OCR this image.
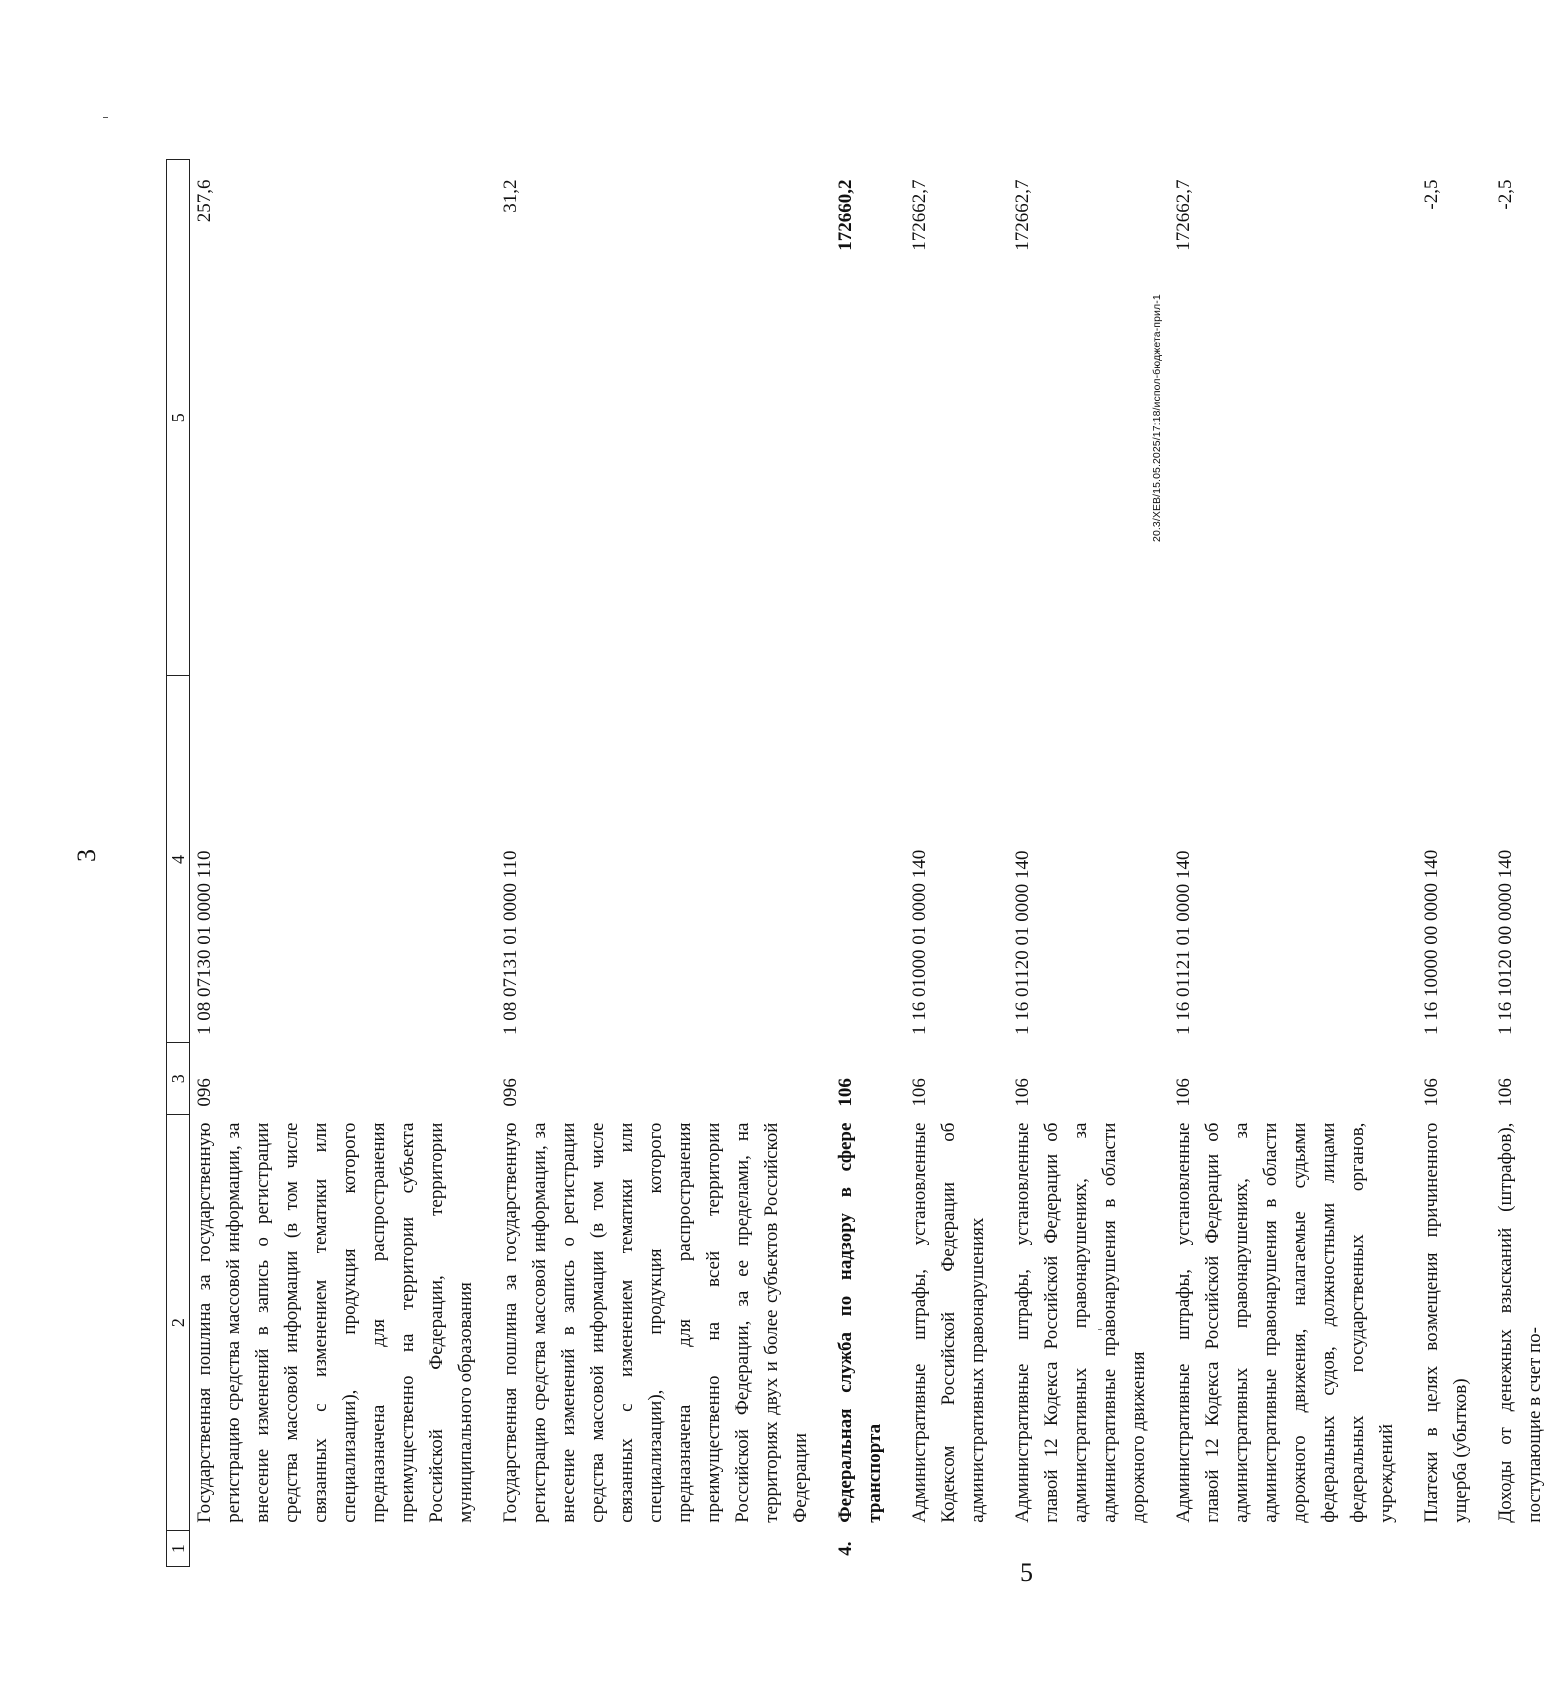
3
1	2	3	4	5
	Государственная пошлина за государственную регистрацию средства массовой информации, за внесение изменений в запись о регистрации средства массовой информации (в том числе связанных с изменением тематики или специализации), продукция которого предназначена для распространения преимущественно на территории субъекта Российской Федерации, территории муниципального образования	096	1 08 07130 01 0000 110	257,6
	Государственная пошлина за государственную регистрацию средства массовой информации, за внесение изменений в запись о регистрации средства массовой информации (в том числе связанных с изменением тематики или специализации), продукция которого предназначена для распространения преимущественно на всей территории Российской Федерации, за ее пределами, на территориях двух и более субъектов Российской Федерации	096	1 08 07131 01 0000 110	31,2
4.	Федеральная служба по надзору в сфере транспорта	106		172660,2
	Административные штрафы, установленные Кодексом Российской Федерации об административных правонарушениях	106	1 16 01000 01 0000 140	172662,7
	Административные штрафы, установленные главой 12 Кодекса Российской Федерации об административных правонарушениях, за административные правонарушения в области дорожного движения	106	1 16 01120 01 0000 140	172662,7
	Административные штрафы, установленные главой 12 Кодекса Российской Федерации об административных правонарушениях, за административные правонарушения в области дорожного движения, налагаемые судьями федеральных судов, должностными лицами федеральных государственных органов, учреждений	106	1 16 01121 01 0000 140	172662,7
	Платежи в целях возмещения причиненного ущерба (убытков)	106	1 16 10000 00 0000 140	-2,5
	Доходы от денежных взысканий (штрафов), поступающие в счет по-	106	1 16 10120 00 0000 140	-2,5
20.3/ХЕВ/15.05.2025/17:18/испол-бюджета-прил-1
5
